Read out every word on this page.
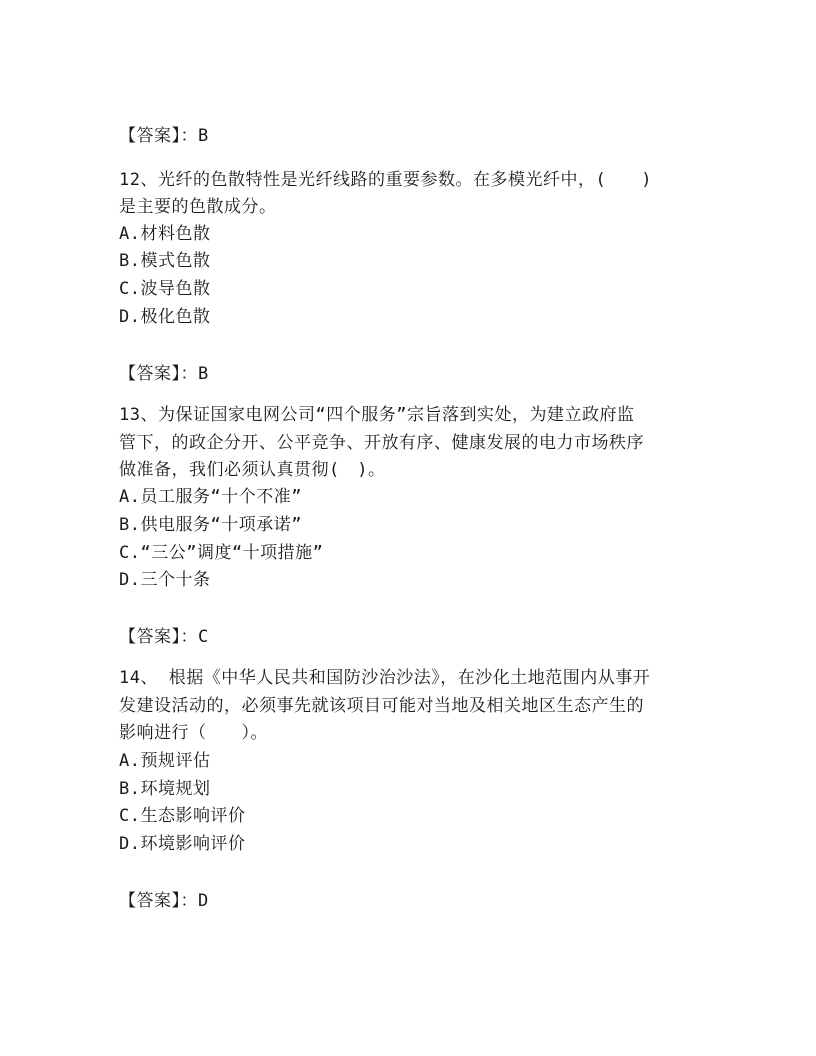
【答案】：B
12、光纤的色散特性是光纤线路的重要参数。在多模光纤中，(　　)
是主要的色散成分。
A.材料色散
B.模式色散
C.波导色散
D.极化色散
【答案】：B
13、为保证国家电网公司“四个服务”宗旨落到实处，为建立政府监
管下，的政企分开、公平竞争、开放有序、健康发展的电力市场秩序
做准备，我们必须认真贯彻(　)。
A.员工服务“十个不准”
B.供电服务“十项承诺”
C.“三公”调度“十项措施”
D.三个十条
【答案】：C
14、 根据《中华人民共和国防沙治沙法》，在沙化土地范围内从事开
发建设活动的，必须事先就该项目可能对当地及相关地区生态产生的
影响进行（　　）。
A.预规评估
B.环境规划
C.生态影响评价
D.环境影响评价
【答案】：D
